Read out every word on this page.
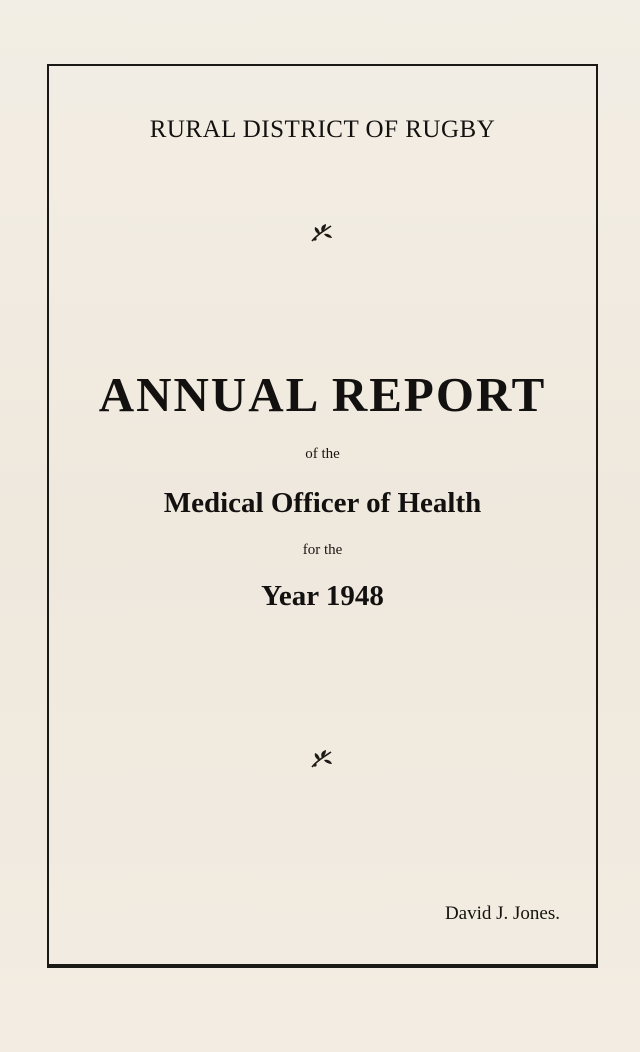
RURAL DISTRICT OF RUGBY
ANNUAL REPORT
of the
Medical Officer of Health
for the
Year 1948
David J. Jones.
